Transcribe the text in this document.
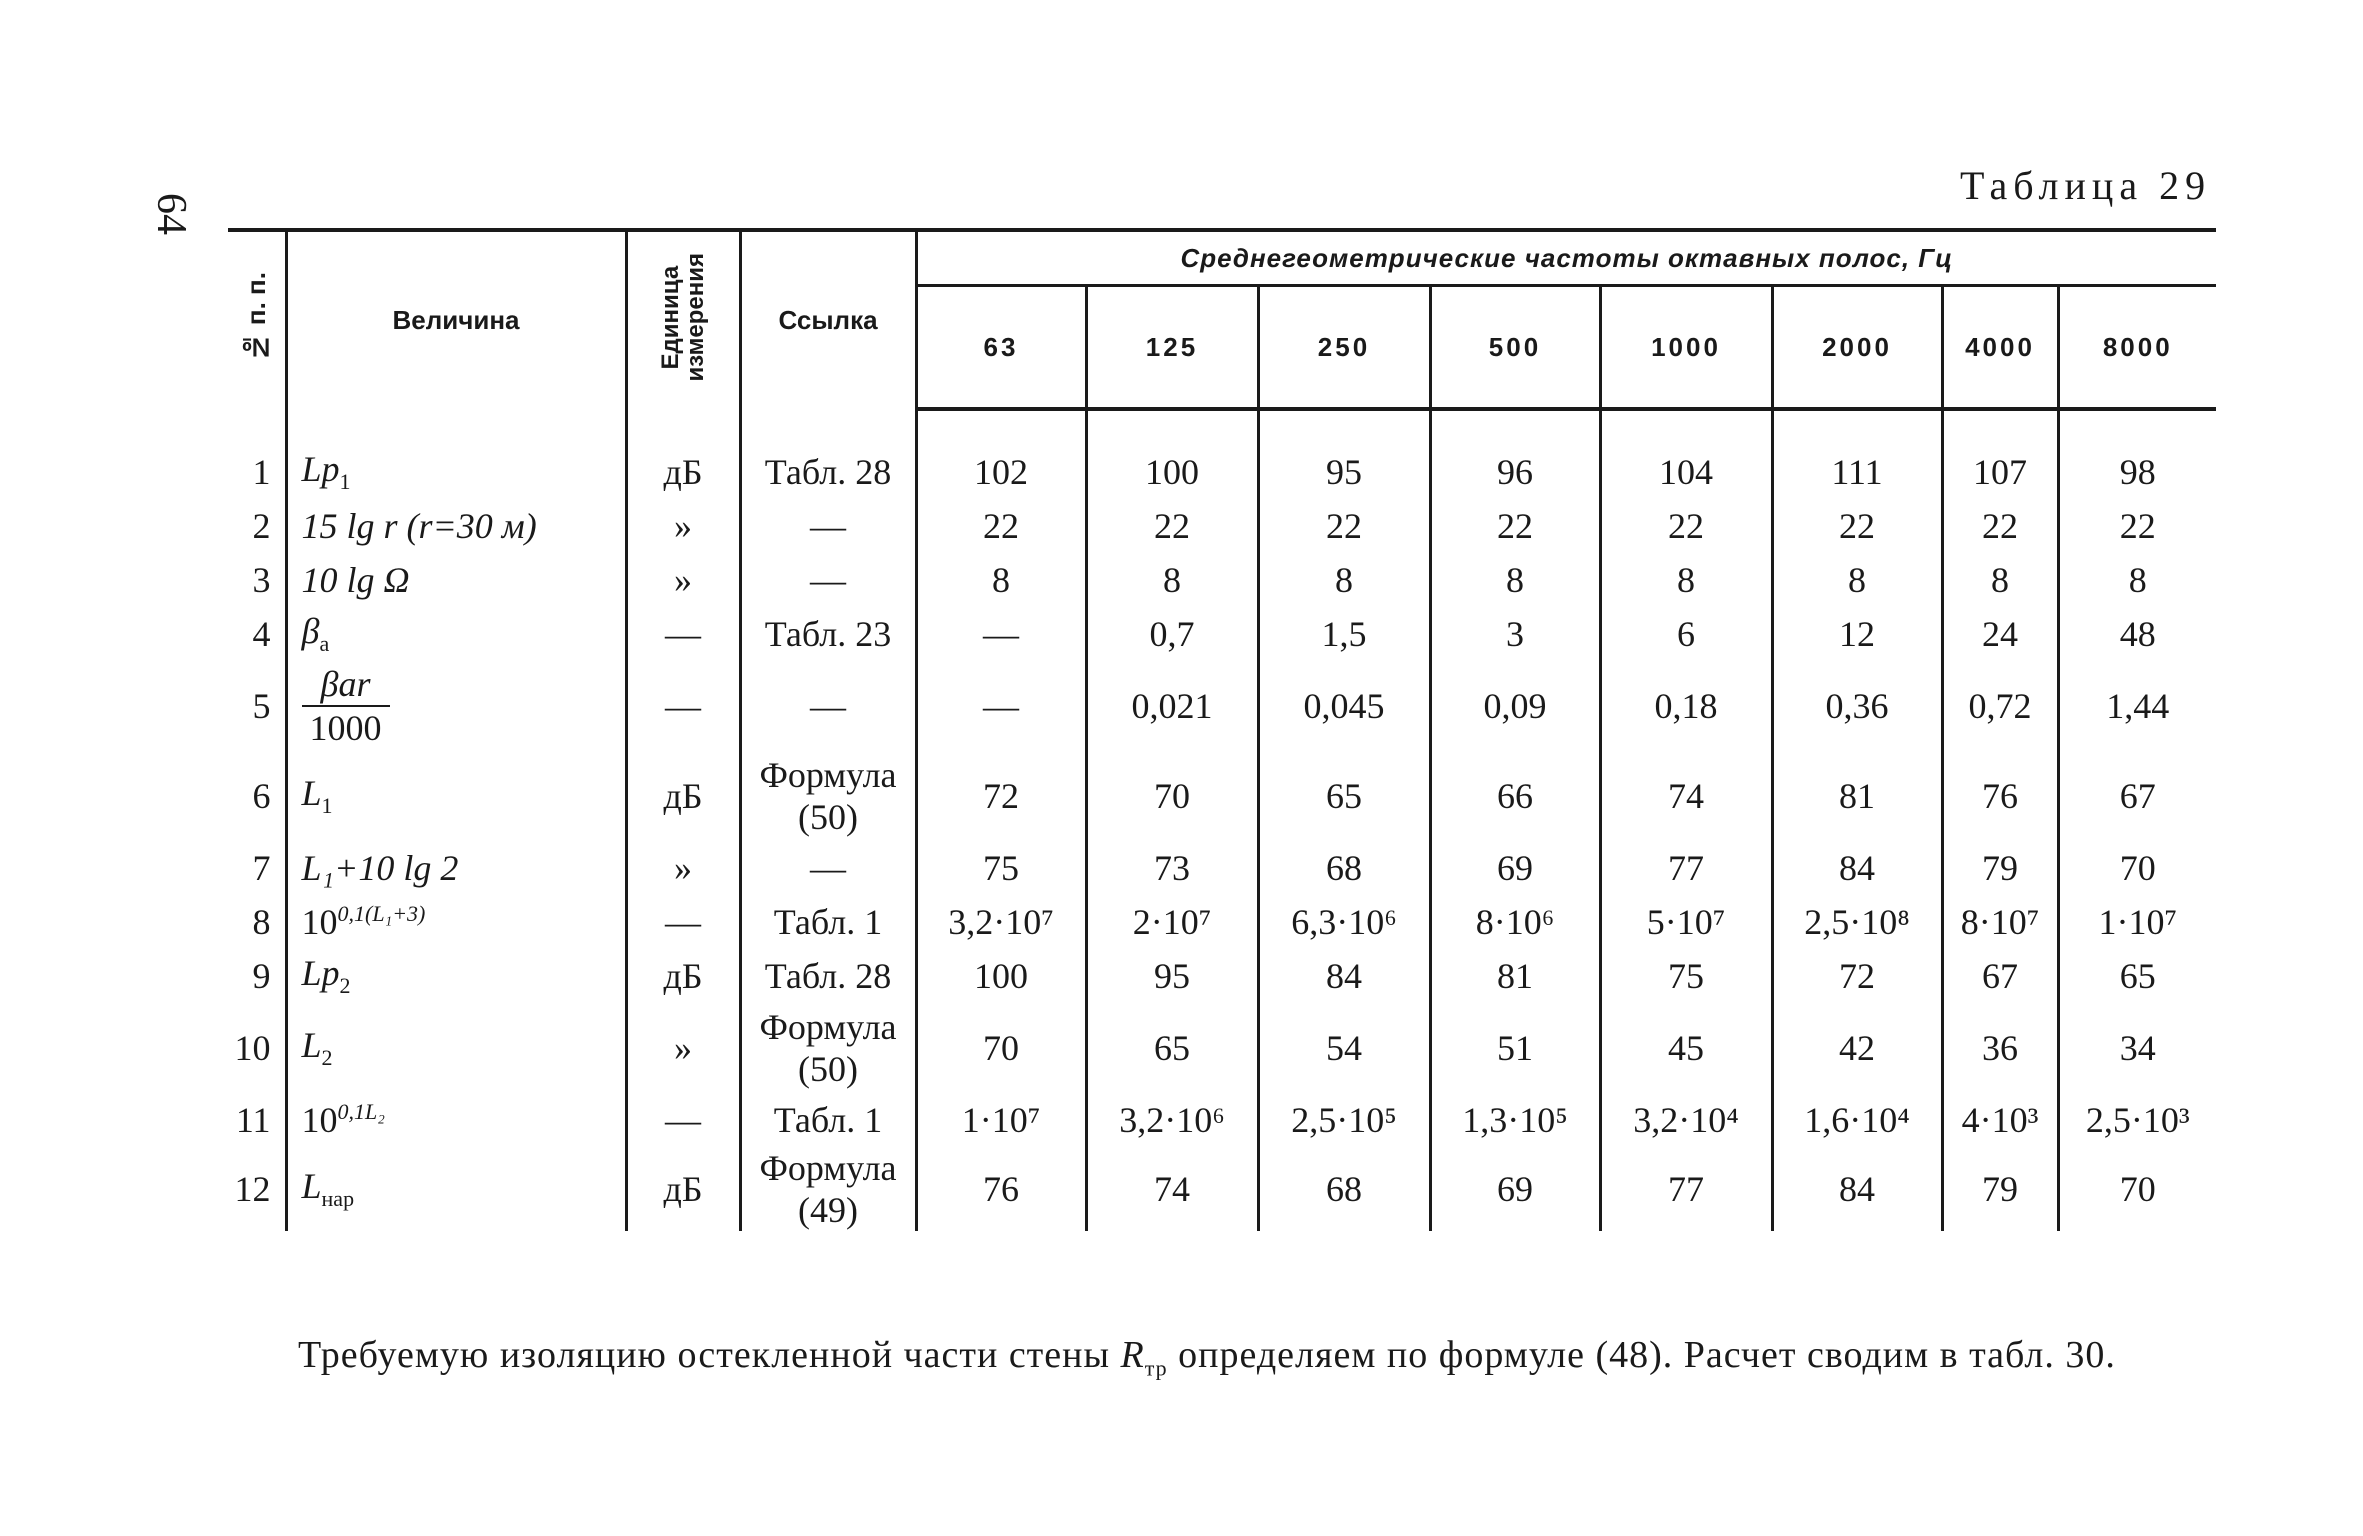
64
Таблица 29
№ п. п.	Величина	Единица
измерения	Ссылка	Среднегеометрические частоты октавных полос, Гц							
				63	125	250	500	1000	2000	4000	8000

1	$Lp_1$	дБ	Табл. 28	102	100	95	96	104	111	107	98
2	15 lg r (r=30 м)	»	—	22	22	22	22	22	22	22	22
3	10 lg Ω	»	—	8	8	8	8	8	8	8	8
4	$\beta_a$	—	Табл. 23	—	0,7	1,5	3	6	12	24	48
5	$\frac{\text{βar}}{1000}$	—	—	—	0,021	0,045	0,09	0,18	0,36	0,72	1,44
6	$L_1$	дБ	Формула (50)	72	70	65	66	74	81	76	67
7	L₁+10 lg 2	»	—	75	73	68	69	77	84	79	70
8	$10^{0,1(L_1+3)}$	—	Табл. 1	3,2·10⁷	2·10⁷	6,3·10⁶	8·10⁶	5·10⁷	2,5·10⁸	8·10⁷	1·10⁷
9	$Lp_2$	дБ	Табл. 28	100	95	84	81	75	72	67	65
10	$L_2$	»	Формула (50)	70	65	54	51	45	42	36	34
11	$10^{0,1L_2}$	—	Табл. 1	1·10⁷	3,2·10⁶	2,5·10⁵	1,3·10⁵	3,2·10⁴	1,6·10⁴	4·10³	2,5·10³
12	$L_{нар}$	дБ	Формула (49)	76	74	68	69	77	84	79	70
Требуемую изоляцию остекленной части стены $R_{тр}$ определяем по формуле (48). Расчет сводим в табл. 30.
